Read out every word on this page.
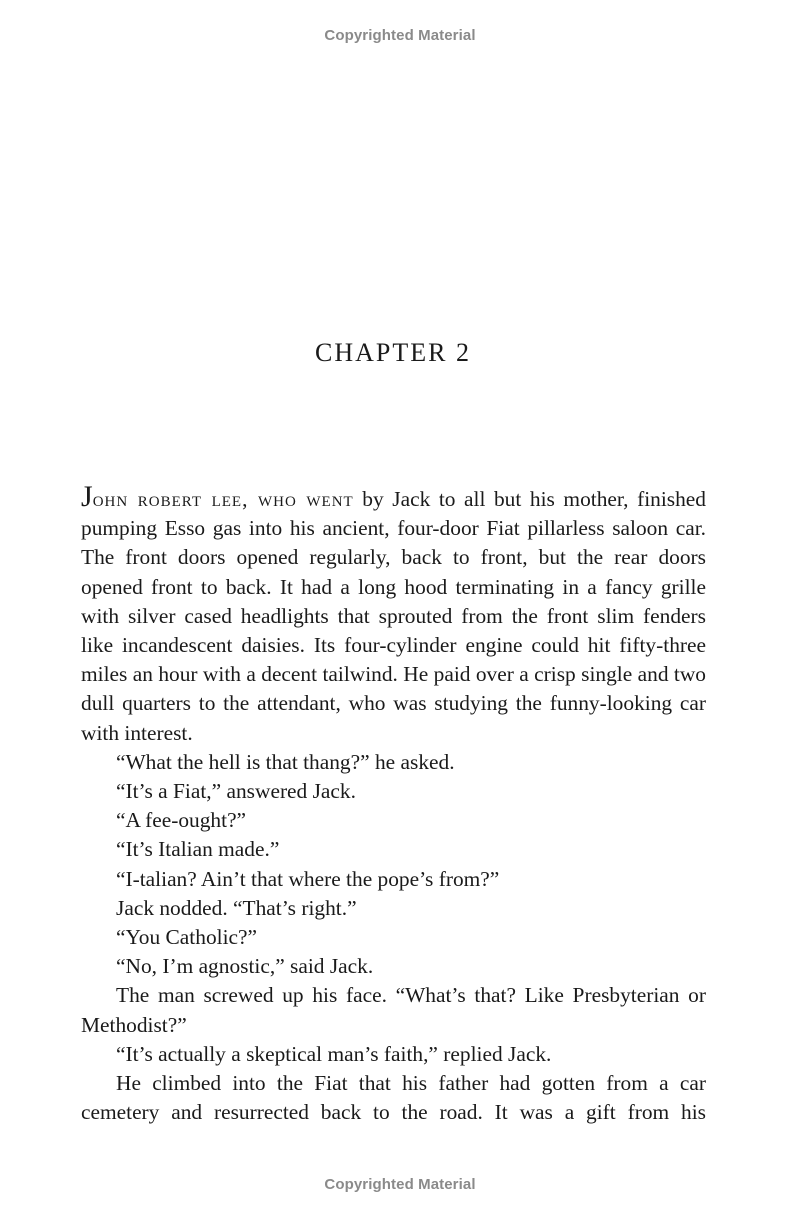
Copyrighted Material
CHAPTER 2

John robert lee, who went by Jack to all but his mother, finished pumping Esso gas into his ancient, four-door Fiat pillarless saloon car. The front doors opened regularly, back to front, but the rear doors opened front to back. It had a long hood terminating in a fancy grille with silver cased headlights that sprouted from the front slim fenders like incandescent daisies. Its four-cylinder engine could hit fifty-three miles an hour with a decent tailwind. He paid over a crisp single and two dull quarters to the attendant, who was studying the funny-looking car with interest.

“What the hell is that thang?” he asked.

“It’s a Fiat,” answered Jack.

“A fee-ought?”

“It’s Italian made.”

“I-talian? Ain’t that where the pope’s from?”

Jack nodded. “That’s right.”

“You Catholic?”

“No, I’m agnostic,” said Jack.

The man screwed up his face. “What’s that? Like Presbyterian or Methodist?”

“It’s actually a skeptical man’s faith,” replied Jack.

He climbed into the Fiat that his father had gotten from a car cemetery and resurrected back to the road. It was a gift from his

Copyrighted Material
